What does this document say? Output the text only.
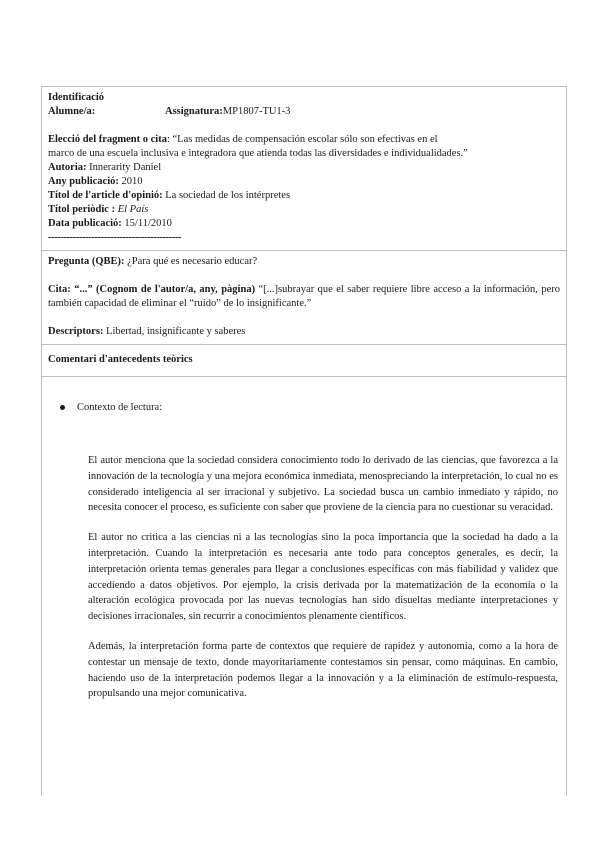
Identificació
Alumne/a:	Assignatura:MP1807-TU1-3
Elecció del fragment o cita: “Las medidas de compensación escolar sólo son efectivas en el
marco de una escuela inclusiva e integradora que atienda todas las diversidades e individualidades.”
Autoria: Innerarity Daniel
Any publicació: 2010
Títol de l'article d'opinió: La sociedad de los intérpretes
Títol periòdic : El País
Data publicació: 15/11/2010
-------------------------------------------
Pregunta (QBE): ¿Para qué es necesario educar?
Cita: “...” (Cognom de l'autor/a, any, pàgina) “[...]subrayar que el saber requiere libre acceso a la información, pero también capacidad de eliminar el “ruido” de lo insignificante.”
Descriptors: Libertad, insignificante y saberes
Comentari d'antecedents teòrics
Contexto de lectura:
El autor menciona que la sociedad considera conocimiento todo lo derivado de las ciencias, que favorezca a la innovación de la tecnología y una mejora económica inmediata, menospreciando la interpretación, lo cual no es considerado inteligencia al ser irracional y subjetivo. La sociedad busca un cambio inmediato y rápido, no necesita conocer el proceso, es suficiente con saber que proviene de la ciencia para no cuestionar su veracidad.
El autor no critica a las ciencias ni a las tecnologías sino la poca importancia que la sociedad ha dado a la interpretación. Cuando la interpretación es necesaria ante todo para conceptos generales, es decir, la interpretación orienta temas generales para llegar a conclusiones específicas con más fiabilidad y validez que accediendo a datos objetivos. Por ejemplo, la crisis derivada por la matematización de la economía o la alteración ecológica provocada por las nuevas tecnologías han sido disueltas mediante interpretaciones y decisiones irracionales, sin recurrir a conocimientos plenamente científicos.
Además, la interpretación forma parte de contextos que requiere de rapidez y autonomía, como a la hora de contestar un mensaje de texto, donde mayoritariamente contestamos sin pensar, como máquinas. En cambio, haciendo uso de la interpretación podemos llegar a la innovación y a la eliminación de estímulo-respuesta, propulsando una mejor comunicativa.
